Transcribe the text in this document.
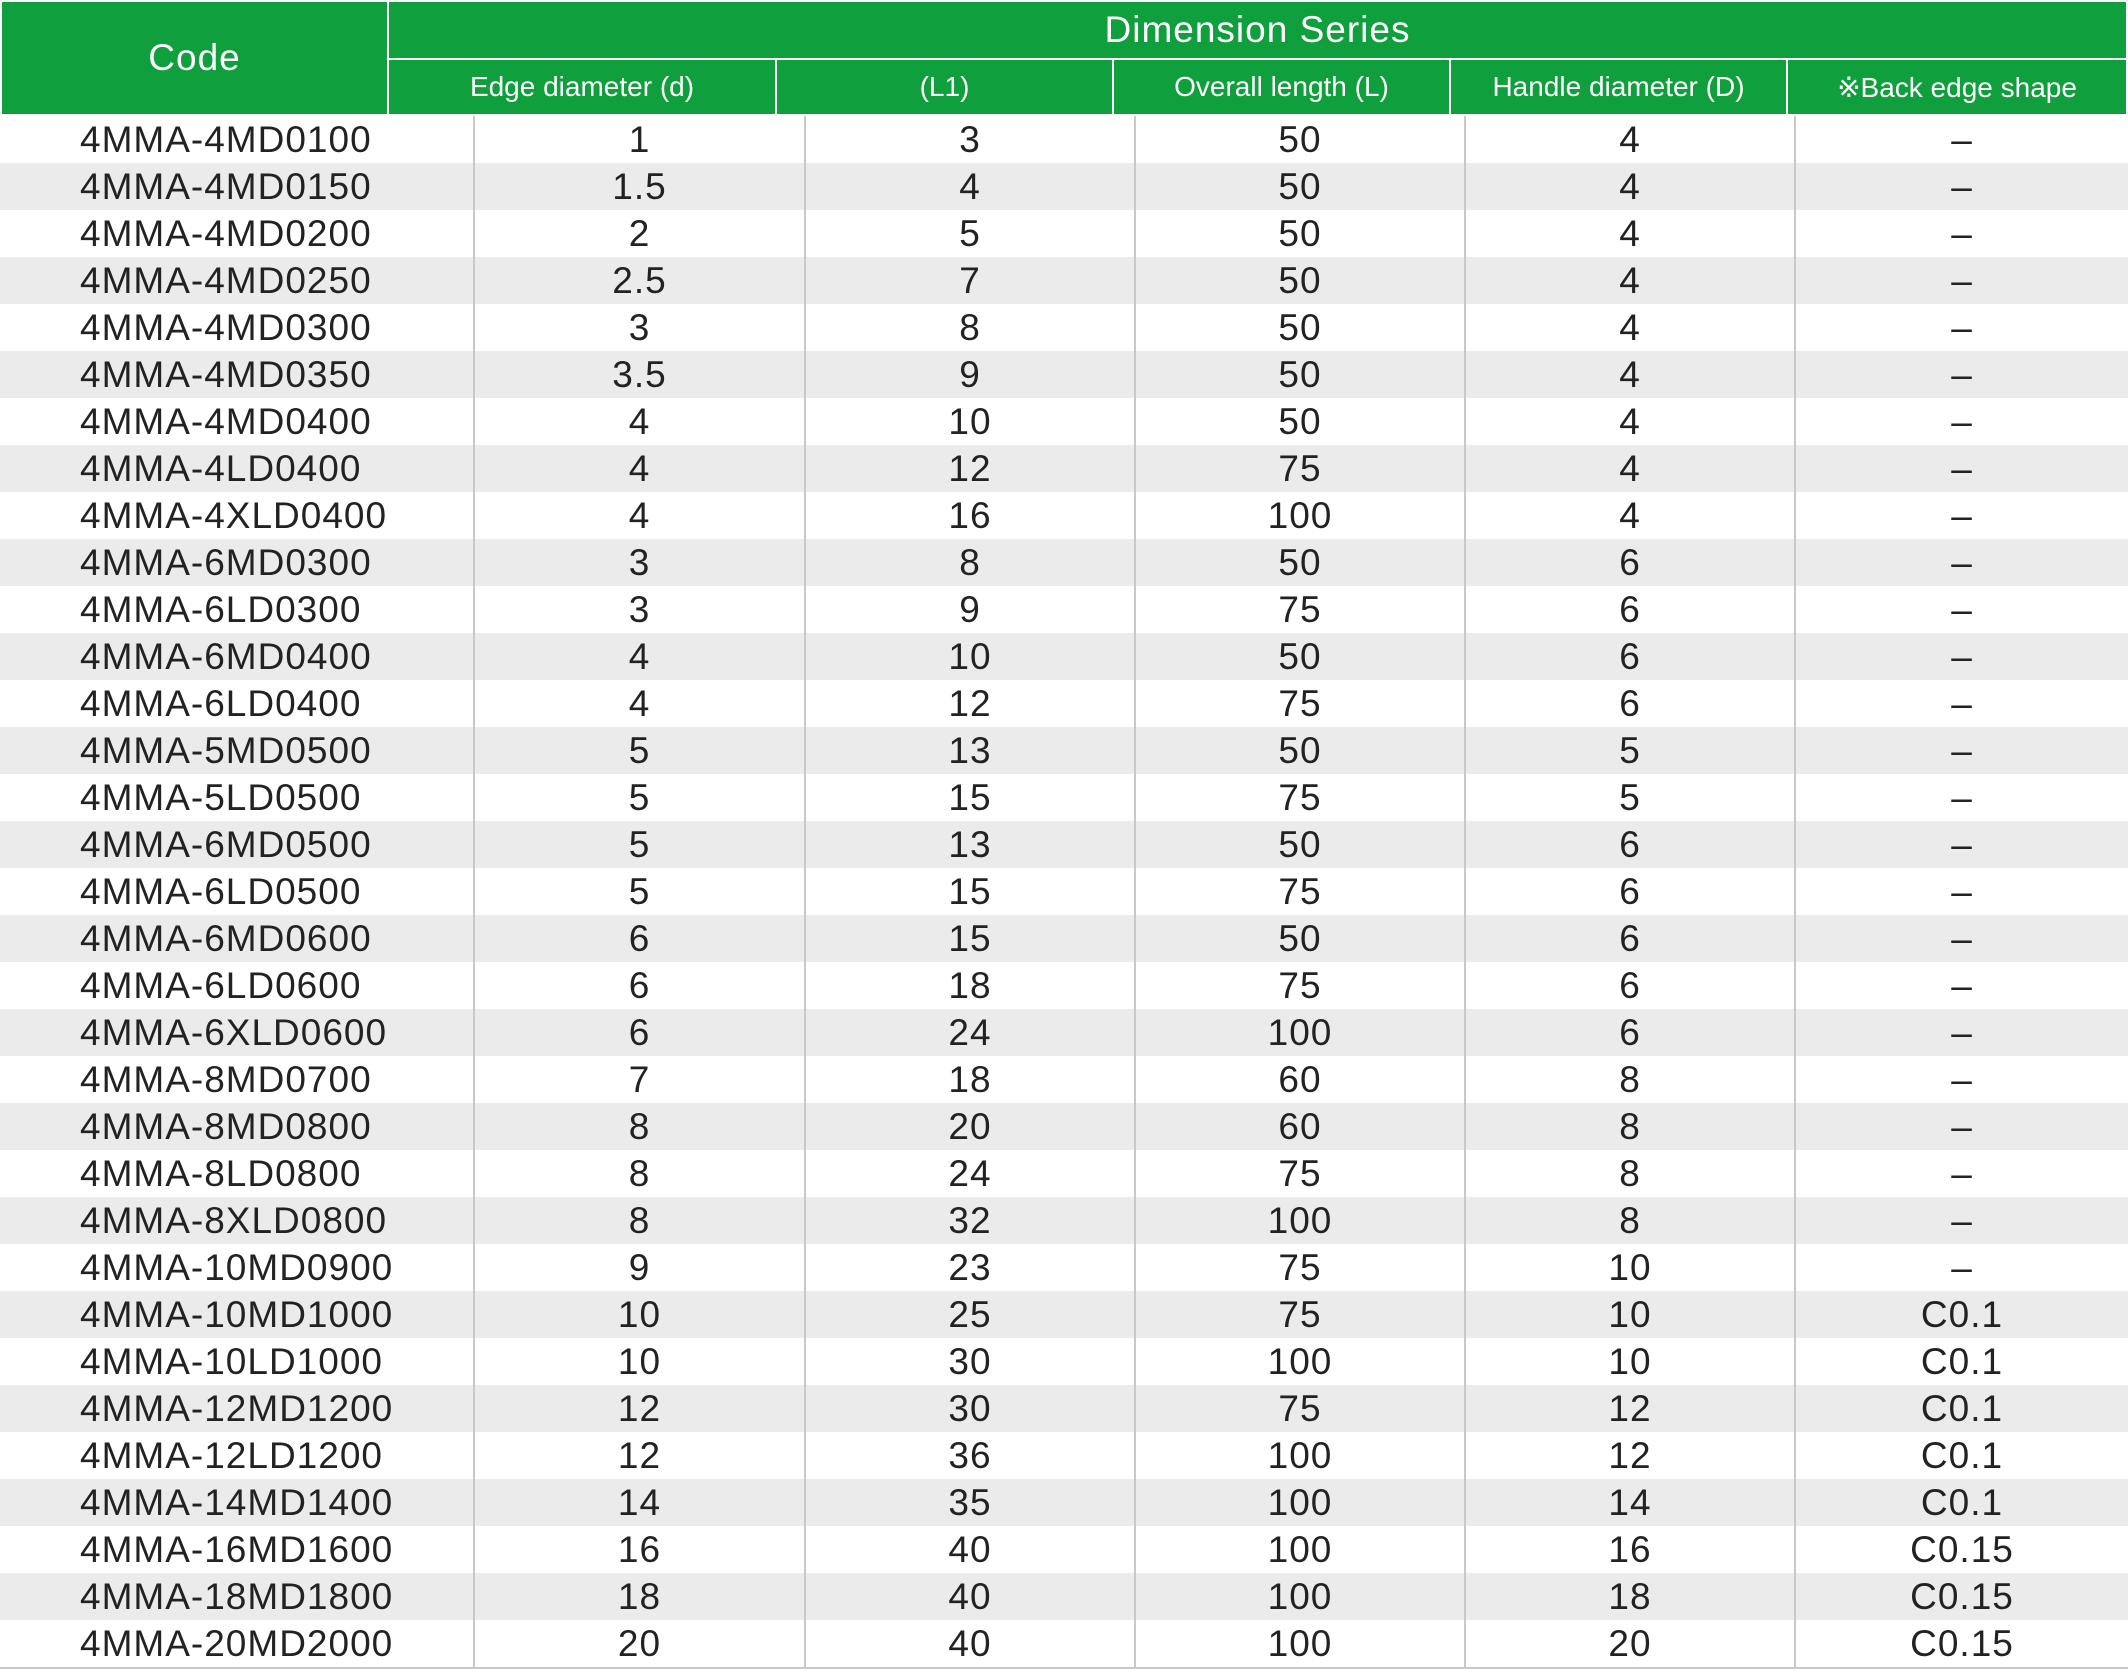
Code
Dimension Series
Edge diameter (d)	(L1)	Overall length (L)	Handle diameter (D)	※Back edge shape
4MMA-4MD0100	1	3	50	4	–
4MMA-4MD0150	1.5	4	50	4	–
4MMA-4MD0200	2	5	50	4	–
4MMA-4MD0250	2.5	7	50	4	–
4MMA-4MD0300	3	8	50	4	–
4MMA-4MD0350	3.5	9	50	4	–
4MMA-4MD0400	4	10	50	4	–
4MMA-4LD0400	4	12	75	4	–
4MMA-4XLD0400	4	16	100	4	–
4MMA-6MD0300	3	8	50	6	–
4MMA-6LD0300	3	9	75	6	–
4MMA-6MD0400	4	10	50	6	–
4MMA-6LD0400	4	12	75	6	–
4MMA-5MD0500	5	13	50	5	–
4MMA-5LD0500	5	15	75	5	–
4MMA-6MD0500	5	13	50	6	–
4MMA-6LD0500	5	15	75	6	–
4MMA-6MD0600	6	15	50	6	–
4MMA-6LD0600	6	18	75	6	–
4MMA-6XLD0600	6	24	100	6	–
4MMA-8MD0700	7	18	60	8	–
4MMA-8MD0800	8	20	60	8	–
4MMA-8LD0800	8	24	75	8	–
4MMA-8XLD0800	8	32	100	8	–
4MMA-10MD0900	9	23	75	10	–
4MMA-10MD1000	10	25	75	10	C0.1
4MMA-10LD1000	10	30	100	10	C0.1
4MMA-12MD1200	12	30	75	12	C0.1
4MMA-12LD1200	12	36	100	12	C0.1
4MMA-14MD1400	14	35	100	14	C0.1
4MMA-16MD1600	16	40	100	16	C0.15
4MMA-18MD1800	18	40	100	18	C0.15
4MMA-20MD2000	20	40	100	20	C0.15
